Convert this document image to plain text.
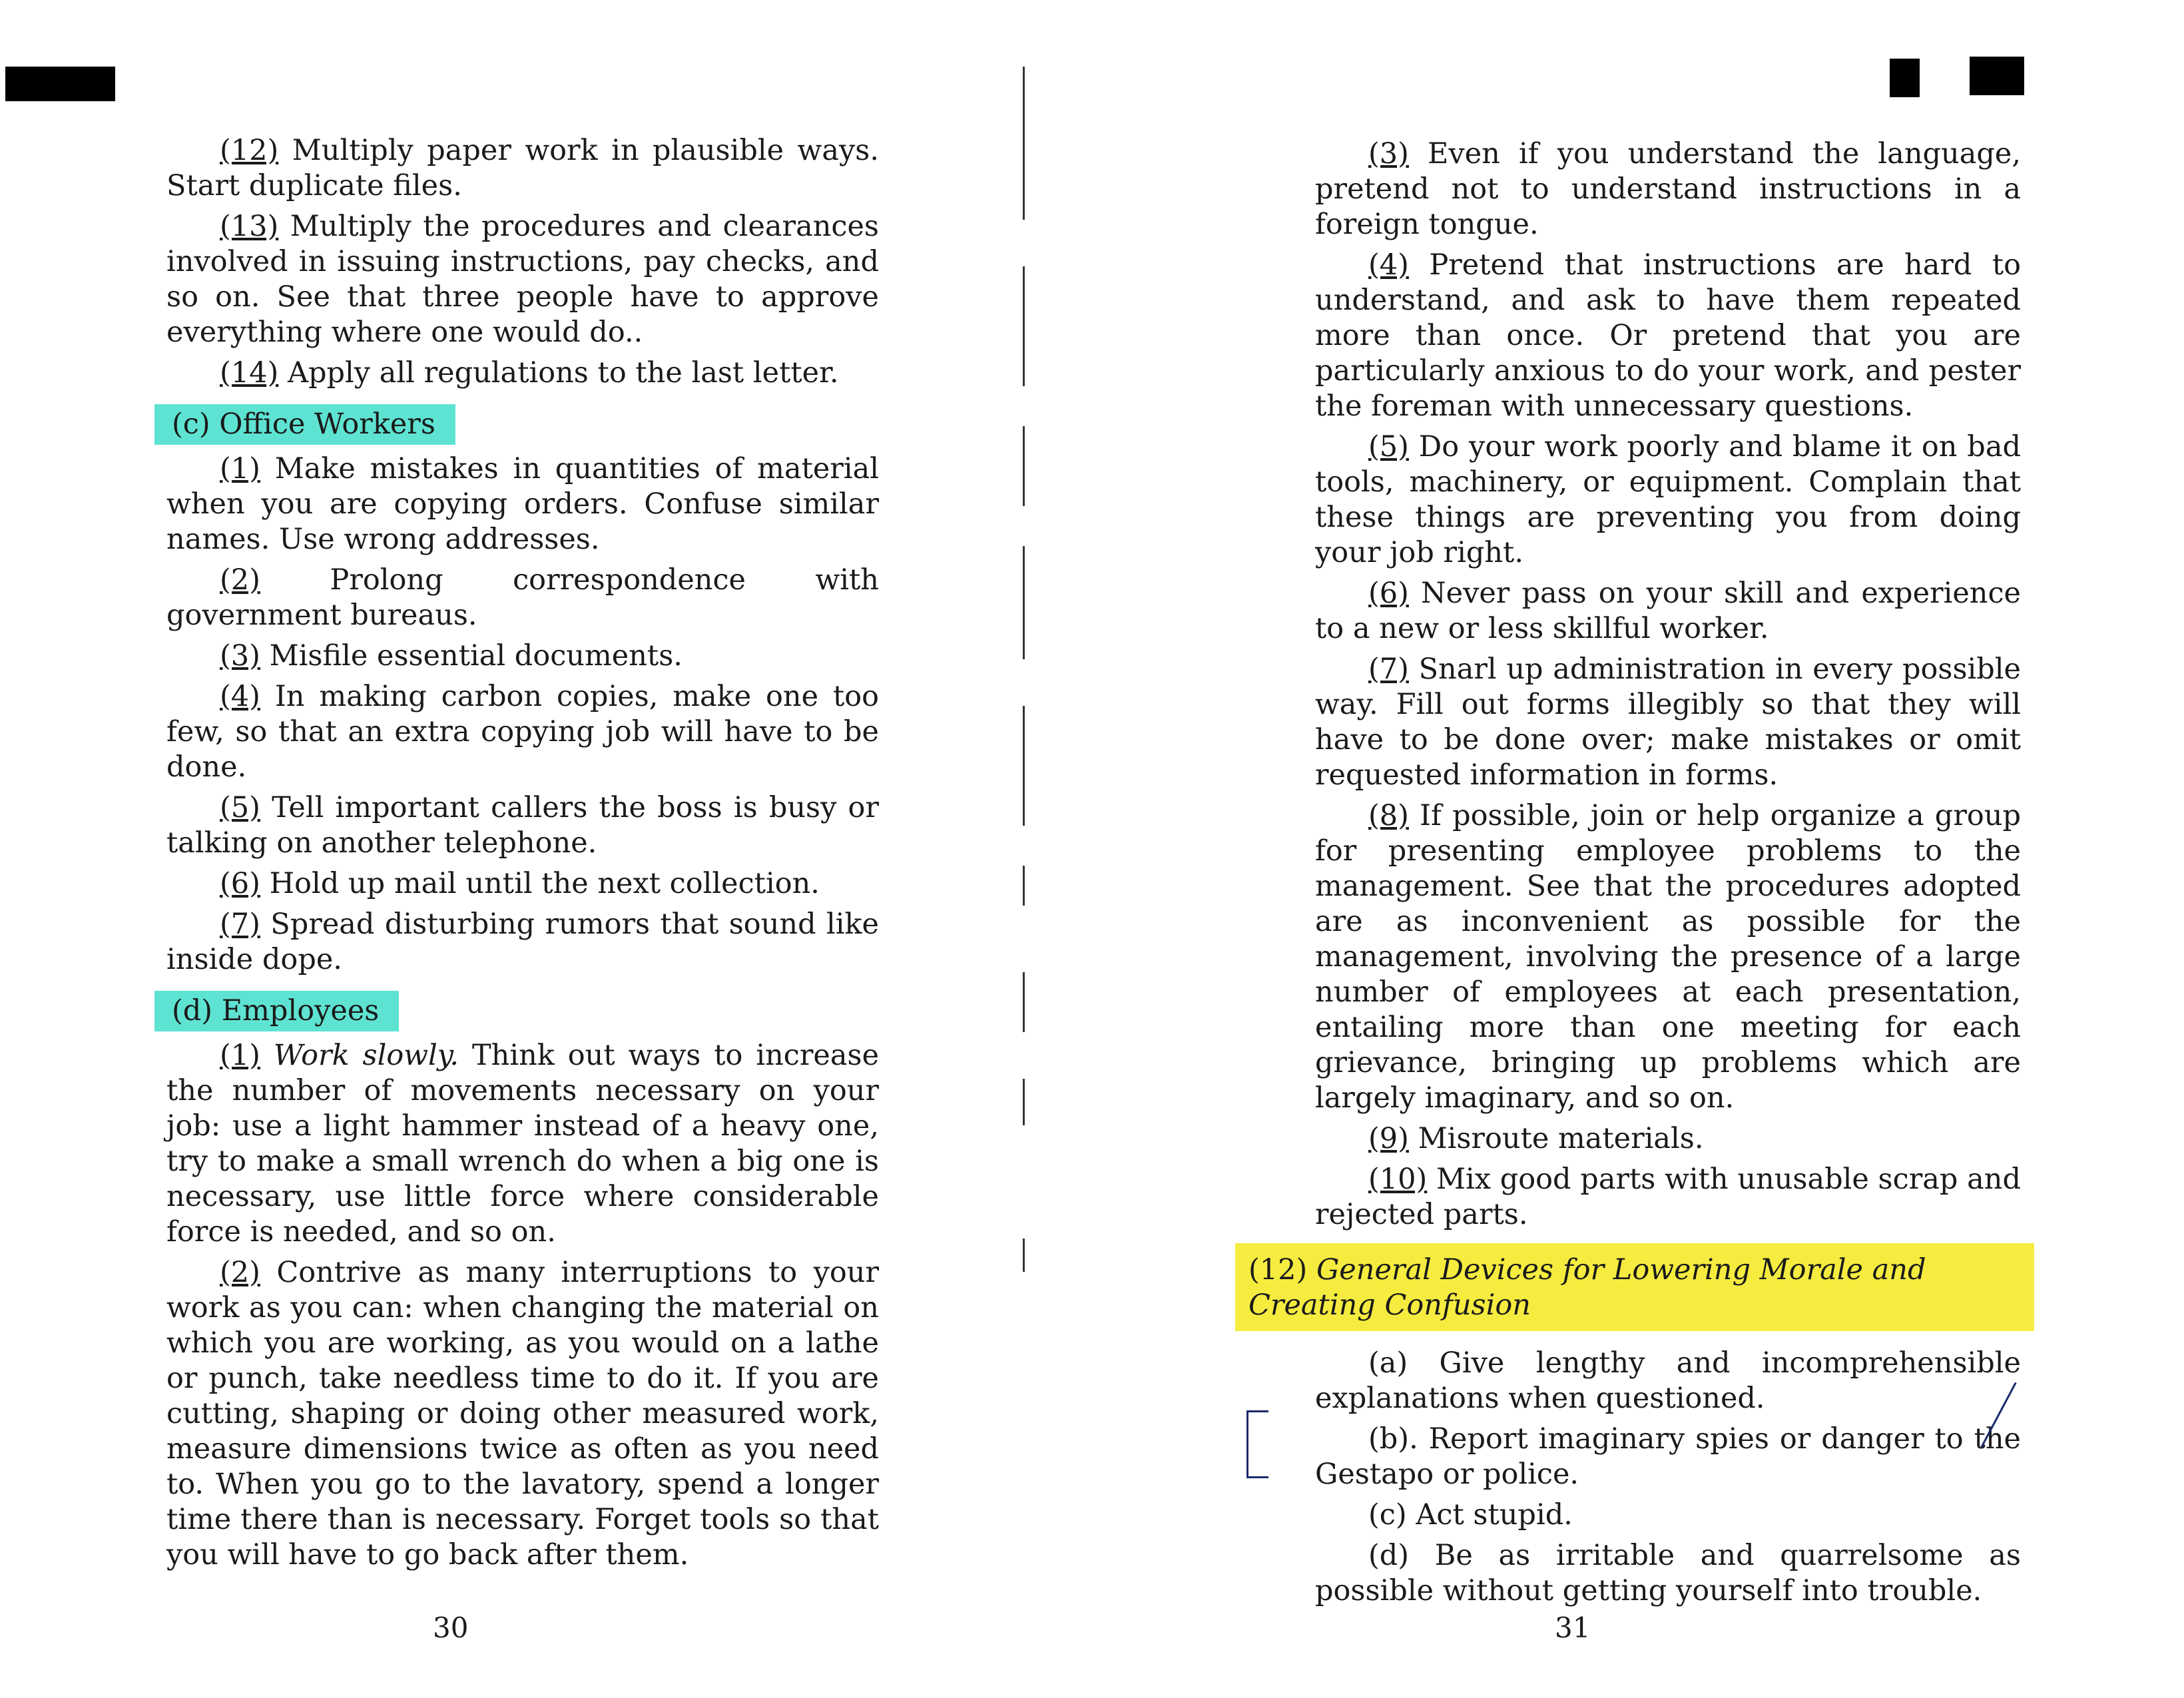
(12) Multiply paper work in plausible ways. Start duplicate files.

(13) Multiply the procedures and clearances involved in issuing instructions, pay checks, and so on. See that three people have to approve everything where one would do..

(14) Apply all regulations to the last letter.

(c) Office Workers

(1) Make mistakes in quantities of material when you are copying orders. Confuse similar names. Use wrong addresses.

(2) Prolong correspondence with government bureaus.

(3) Misfile essential documents.

(4) In making carbon copies, make one too few, so that an extra copying job will have to be done.

(5) Tell important callers the boss is busy or talking on another telephone.

(6) Hold up mail until the next collection.

(7) Spread disturbing rumors that sound like inside dope.

(d) Employees

(1) Work slowly. Think out ways to increase the number of movements necessary on your job: use a light hammer instead of a heavy one, try to make a small wrench do when a big one is necessary, use little force where considerable force is needed, and so on.

(2) Contrive as many interruptions to your work as you can: when changing the material on which you are working, as you would on a lathe or punch, take needless time to do it. If you are cutting, shaping or doing other measured work, measure dimensions twice as often as you need to. When you go to the lavatory, spend a longer time there than is necessary. Forget tools so that you will have to go back after them.

30

(3) Even if you understand the language, pretend not to understand instructions in a foreign tongue.

(4) Pretend that instructions are hard to understand, and ask to have them repeated more than once. Or pretend that you are particularly anxious to do your work, and pester the foreman with unnecessary questions.

(5) Do your work poorly and blame it on bad tools, machinery, or equipment. Complain that these things are preventing you from doing your job right.

(6) Never pass on your skill and experience to a new or less skillful worker.

(7) Snarl up administration in every possible way. Fill out forms illegibly so that they will have to be done over; make mistakes or omit requested information in forms.

(8) If possible, join or help organize a group for presenting employee problems to the management. See that the procedures adopted are as inconvenient as possible for the management, involving the presence of a large number of employees at each presentation, entailing more than one meeting for each grievance, bringing up problems which are largely imaginary, and so on.

(9) Misroute materials.

(10) Mix good parts with unusable scrap and rejected parts.

(12) General Devices for Lowering Morale and Creating Confusion

(a) Give lengthy and incomprehensible explanations when questioned.

(b). Report imaginary spies or danger to the Gestapo or police.

(c) Act stupid.

(d) Be as irritable and quarrelsome as possible without getting yourself into trouble.

31
